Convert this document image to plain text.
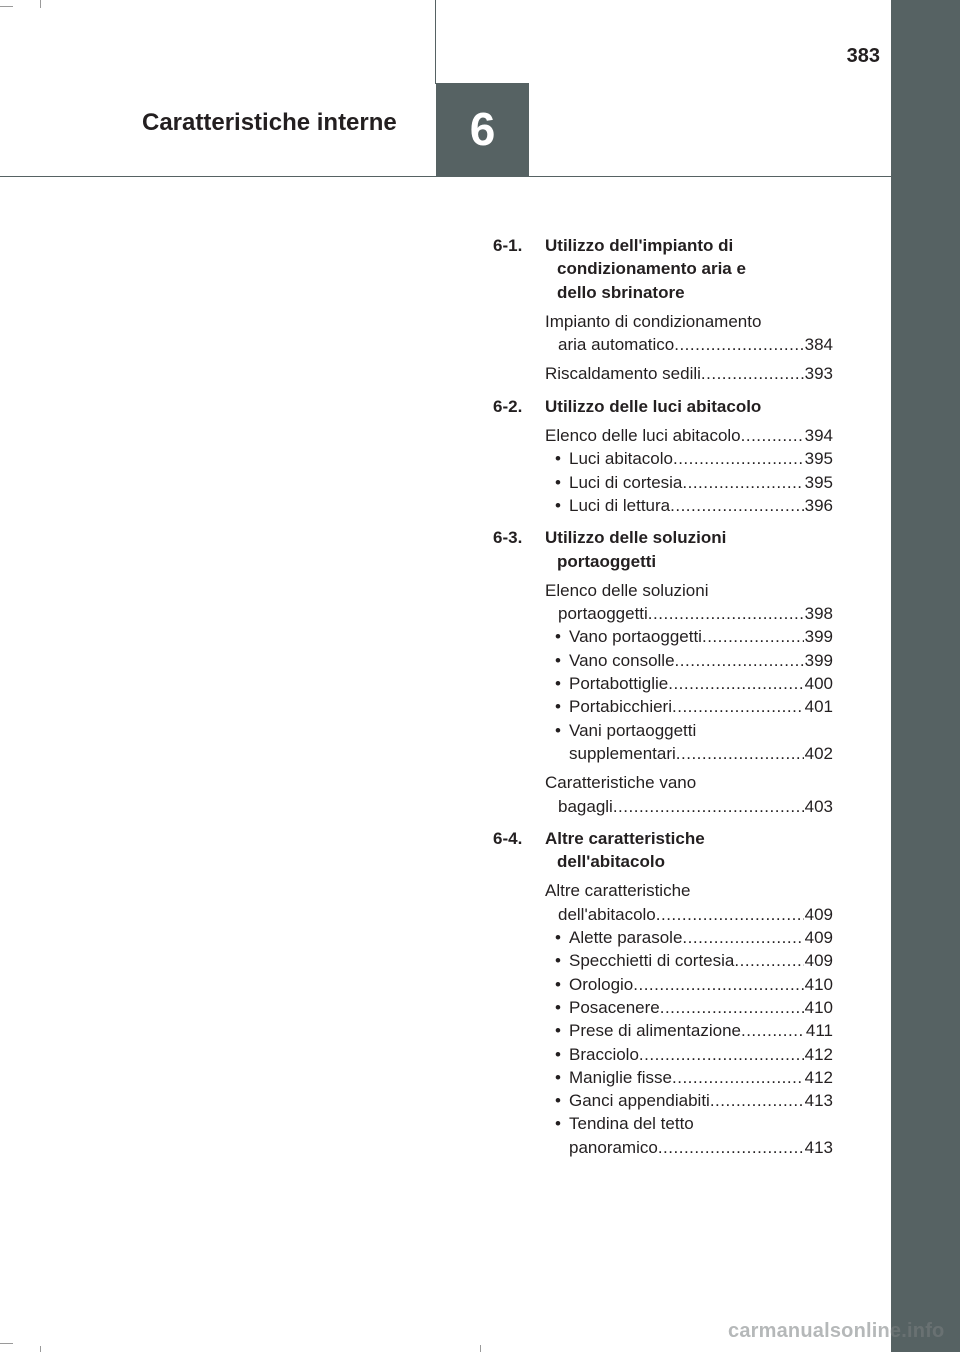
383
Caratteristiche interne	6
6-1.	Utilizzo dell'impianto di
condizionamento aria e
dello sbrinatore
Impianto di condizionamento
aria automatico .....	384
Riscaldamento sedili .....	393
6-2.	Utilizzo delle luci abitacolo
Elenco delle luci abitacolo .....	394
• Luci abitacolo .....	395
• Luci di cortesia .....	395
• Luci di lettura .....	396
6-3.	Utilizzo delle soluzioni
portaoggetti
Elenco delle soluzioni
portaoggetti .....	398
• Vano portaoggetti .....	399
• Vano consolle .....	399
• Portabottiglie .....	400
• Portabicchieri .....	401
• Vani portaoggetti
supplementari .....	402
Caratteristiche vano
bagagli .....	403
6-4.	Altre caratteristiche
dell'abitacolo
Altre caratteristiche
dell'abitacolo .....	409
• Alette parasole .....	409
• Specchietti di cortesia .....	409
• Orologio .....	410
• Posacenere .....	410
• Prese di alimentazione .....	411
• Bracciolo .....	412
• Maniglie fisse .....	412
• Ganci appendiabiti .....	413
• Tendina del tetto
panoramico .....	413
carmanualsonline.info
